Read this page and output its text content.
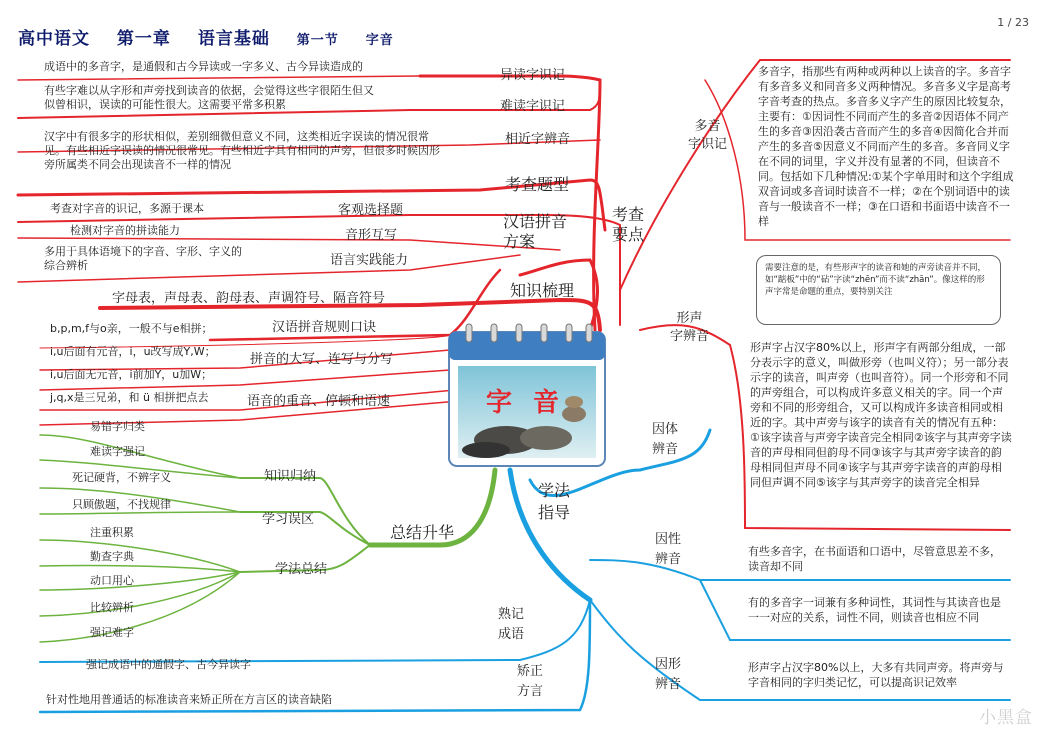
高中语文 第一章 语言基础 第一节 字音
1 / 23
字 音
成语中的多音字，是通假和古今异读或一字多义、古今异读造成的
异读字识记
有些字难以从字形和声旁找到读音的依据，会觉得这些字很陌生但又似曾相识，误读的可能性很大。这需要平常多积累	难读字识记
相近字辨音
汉字中有很多字的形状相似，差别细微但意义不同，这类相近字误读的情况很常见。有些相近字误读的情况很常见。有些相近字具有相同的声旁，但很多时候因形旁所属类不同会出现读音不一样的情况
考查题型
考查
要点
考查对字音的识记，多源于课本	客观选择题
检测对字音的拼读能力	音形互写
多用于具体语境下的字音、字形、字义的综合辨析	语言实践能力
汉语拼音
方案
知识梳理
字母表，声母表、韵母表、声调符号、隔音符号
汉语拼音规则口诀
b,p,m,f与o亲，一般不与e相拼；
i,u后面有元音，i，u改写成Y,W；
i,u后面无元音，i前加Y，u加W；
j,q,x是三兄弟，和 ü 相拼把点去
拼音的大写、连写与分写
语音的重音、停顿和语速
总结升华
知识归纳
易错字归类
难读字强记
学习误区
死记硬背，不辨字义
只顾傲题，不找规律
学法总结
注重积累
勤查字典
动口用心
比较辨析
强记难字
多音
字识记
多音字，指那些有两种或两种以上读音的字。多音字有多音多义和同音多义两种情况。多音多义字是高考字音考查的热点。多音多义字产生的原因比较复杂，主要有：①因词性不同而产生的多音②因语体不同产生的多音③因沿袭古音而产生的多音④因简化合并而产生的多音⑤因意义不同而产生的多音。多音同义字在不同的词里，字义并没有显著的不同，但读音不同。包括如下几种情况:①某个字单用时和这个字组成双音词或多音词时读音不一样；②在个别词语中的读音与一般读音不一样；③在口语和书面语中读音不一样
需要注意的是，有些形声字的读音和她的声旁读音并不同，如“踮板”中的“砧”字读“zhēn”而不读“zhān”。像这样的形声字常是命题的重点，要特别关注
形声
字辨音
形声字占汉字80%以上，形声字有两部分组成，一部分表示字的意义，叫做形旁（也叫义符）；另一部分表示字的读音，叫声旁（也叫音符）。同一个形旁和不同的声旁组合，可以构成许多意义相关的字。同一个声旁和不同的形旁组合，又可以构成许多读音相同或相近的字。其中声旁与该字的读音有关的情况有五种：①该字读音与声旁字读音完全相同②该字与其声旁字读音的声母相同但韵母不同③该字与其声旁字读音的韵母相同但声母不同④该字与其声旁字读音的声韵母相同但声调不同⑤该字与其声旁字的读音完全相异
学法
指导
因体
辨音
因性
辨音
有些多音字，在书面语和口语中，尽管意思差不多，读音却不同
有的多音字一词兼有多种词性，其词性与其读音也是一一对应的关系，词性不同，则读音也相应不同
因形
辨音
形声字占汉字80%以上，大多有共同声旁。将声旁与字音相同的字归类记忆，可以提高识记效率
熟记
成语
强记成语中的通假字、古今异读字	矫正
方言
针对性地用普通话的标准读音来矫正所在方言区的读音缺陷
小黑盒
